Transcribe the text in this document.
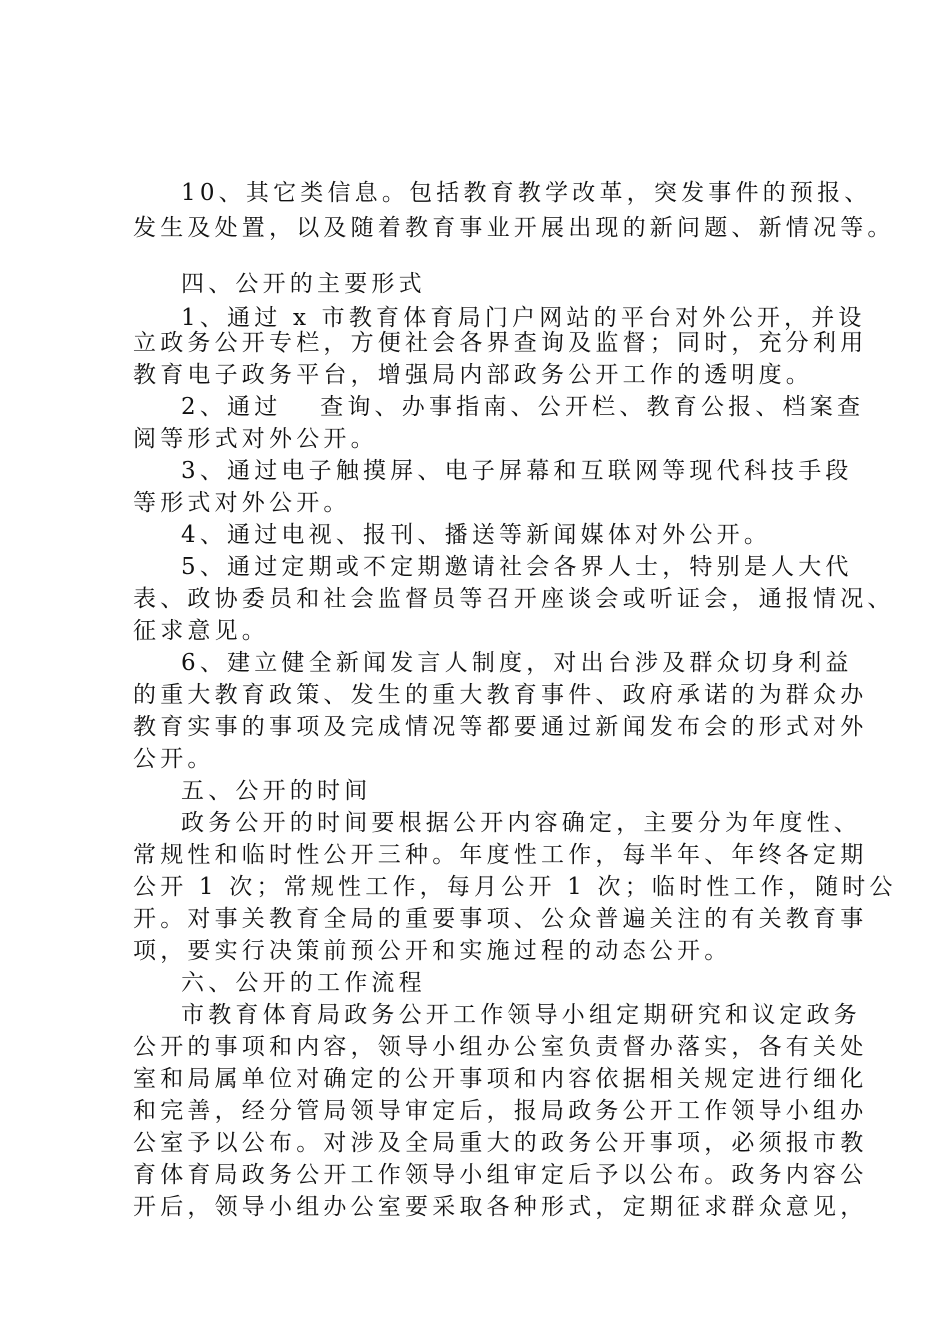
10、其它类信息。包括教育教学改革，突发事件的预报、
发生及处置，以及随着教育事业开展出现的新问题、新情况等。
四、公开的主要形式
1、通过 x 市教育体育局门户网站的平台对外公开，并设
立政务公开专栏，方便社会各界查询及监督；同时，充分利用
教育电子政务平台，增强局内部政务公开工作的透明度。
2、通过　 查询、办事指南、公开栏、教育公报、档案查
阅等形式对外公开。
3、通过电子触摸屏、电子屏幕和互联网等现代科技手段
等形式对外公开。
4、通过电视、报刊、播送等新闻媒体对外公开。
5、通过定期或不定期邀请社会各界人士，特别是人大代
表、政协委员和社会监督员等召开座谈会或听证会，通报情况、
征求意见。
6、建立健全新闻发言人制度，对出台涉及群众切身利益
的重大教育政策、发生的重大教育事件、政府承诺的为群众办
教育实事的事项及完成情况等都要通过新闻发布会的形式对外
公开。
五、公开的时间
政务公开的时间要根据公开内容确定，主要分为年度性、
常规性和临时性公开三种。年度性工作，每半年、年终各定期
公开 1 次；常规性工作，每月公开 1 次；临时性工作，随时公
开。对事关教育全局的重要事项、公众普遍关注的有关教育事
项，要实行决策前预公开和实施过程的动态公开。
六、公开的工作流程
市教育体育局政务公开工作领导小组定期研究和议定政务
公开的事项和内容，领导小组办公室负责督办落实，各有关处
室和局属单位对确定的公开事项和内容依据相关规定进行细化
和完善，经分管局领导审定后，报局政务公开工作领导小组办
公室予以公布。对涉及全局重大的政务公开事项，必须报市教
育体育局政务公开工作领导小组审定后予以公布。政务内容公
开后，领导小组办公室要采取各种形式，定期征求群众意见，
